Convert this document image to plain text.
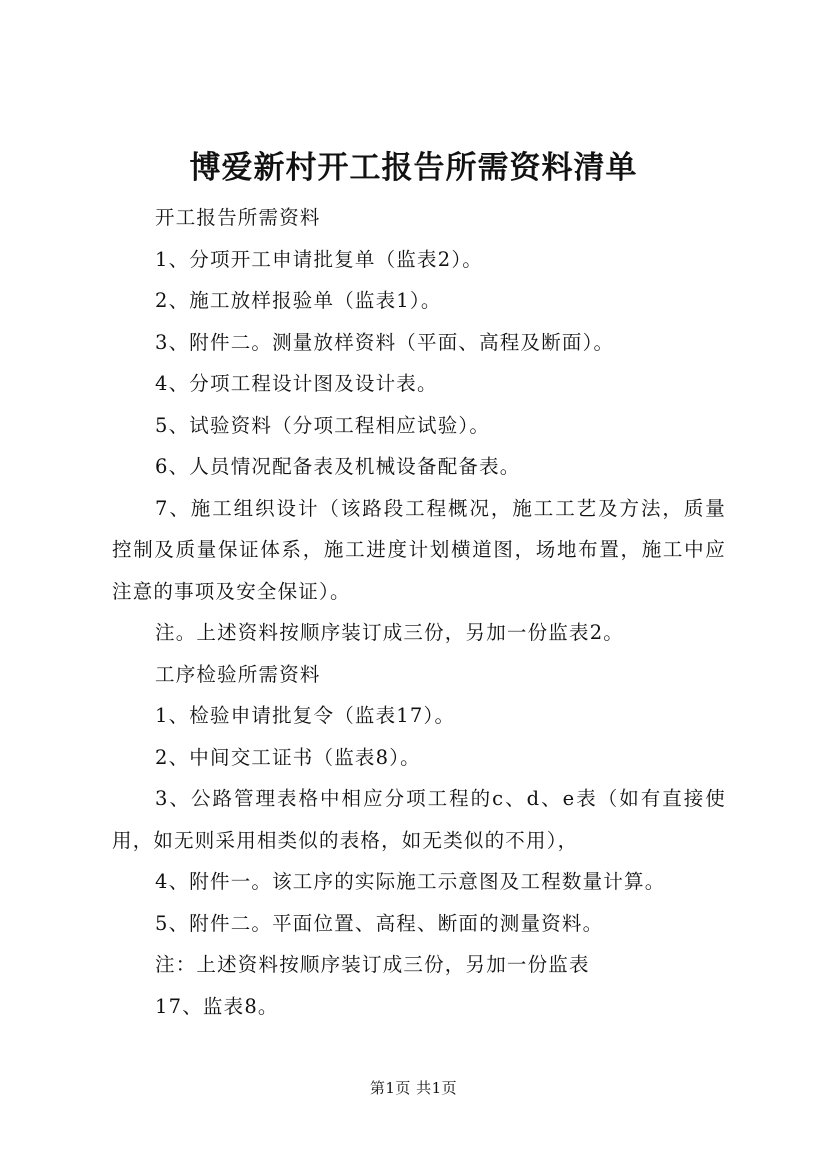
博爱新村开工报告所需资料清单

开工报告所需资料

1、分项开工申请批复单（监表2）。

2、施工放样报验单（监表1）。

3、附件二。测量放样资料（平面、高程及断面）。

4、分项工程设计图及设计表。

5、试验资料（分项工程相应试验）。

6、人员情况配备表及机械设备配备表。

7、施工组织设计（该路段工程概况，施工工艺及方法，质量控制及质量保证体系，施工进度计划横道图，场地布置，施工中应注意的事项及安全保证）。

注。上述资料按顺序装订成三份，另加一份监表2。

工序检验所需资料

1、检验申请批复令（监表17）。

2、中间交工证书（监表8）。

3、公路管理表格中相应分项工程的c、d、e表（如有直接使用，如无则采用相类似的表格，如无类似的不用），

4、附件一。该工序的实际施工示意图及工程数量计算。

5、附件二。平面位置、高程、断面的测量资料。

注：上述资料按顺序装订成三份，另加一份监表

17、监表8。

第1页 共1页
